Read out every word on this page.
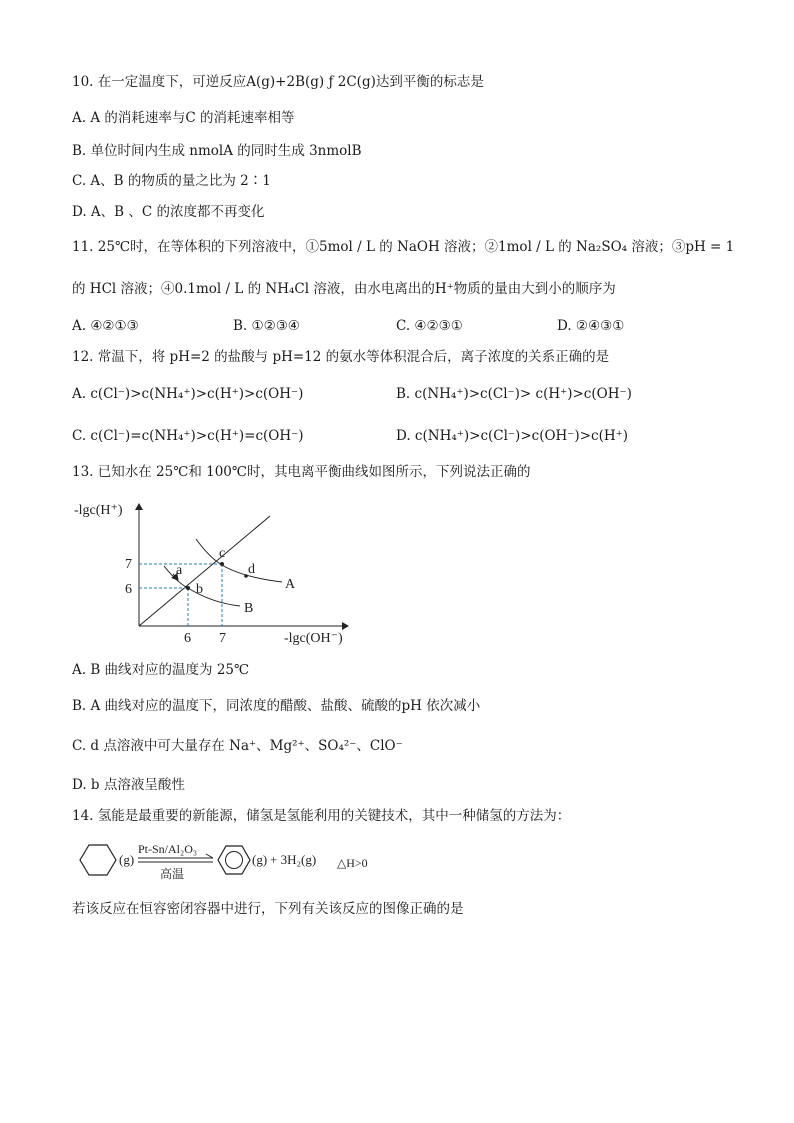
10. 在一定温度下，可逆反应A(g)+2B(g) ƒ 2C(g)达到平衡的标志是
A. A 的消耗速率与C 的消耗速率相等
B. 单位时间内生成 nmolA 的同时生成 3nmolB
C. A、B 的物质的量之比为 2∶1
D. A、B 、C 的浓度都不再变化
11. 25℃时，在等体积的下列溶液中，①5mol / L 的 NaOH 溶液；②1mol / L 的 Na₂SO₄ 溶液；③pH = 1
的 HCl 溶液；④0.1mol / L 的 NH₄Cl 溶液，由水电离出的H⁺物质的量由大到小的顺序为
A. ④②①③	B. ①②③④	C. ④②③①	D. ②④③①
12. 常温下，将 pH=2 的盐酸与 pH=12 的氨水等体积混合后，离子浓度的关系正确的是
A. c(Cl⁻)>c(NH₄⁺)>c(H⁺)>c(OH⁻)	B. c(NH₄⁺)>c(Cl⁻)> c(H⁺)>c(OH⁻)
C. c(Cl⁻)=c(NH₄⁺)>c(H⁺)=c(OH⁻)	D. c(NH₄⁺)>c(Cl⁻)>c(OH⁻)>c(H⁺)
13. 已知水在 25℃和 100℃时，其电离平衡曲线如图所示，下列说法正确的
-lgc(H⁺)
-lgc(OH⁻)
7
6
6 7
a
b
c
d
A
B
A. B 曲线对应的温度为 25℃
B. A 曲线对应的温度下，同浓度的醋酸、盐酸、硫酸的pH 依次减小
C. d 点溶液中可大量存在 Na⁺、Mg²⁺、SO₄²⁻、ClO⁻
D. b 点溶液呈酸性
14. 氢能是最重要的新能源，储氢是氢能利用的关键技术，其中一种储氢的方法为：
(g)
Pt-Sn/Al₂O₃
高温
(g) + 3H₂(g) △H>0
若该反应在恒容密闭容器中进行，下列有关该反应的图像正确的是
